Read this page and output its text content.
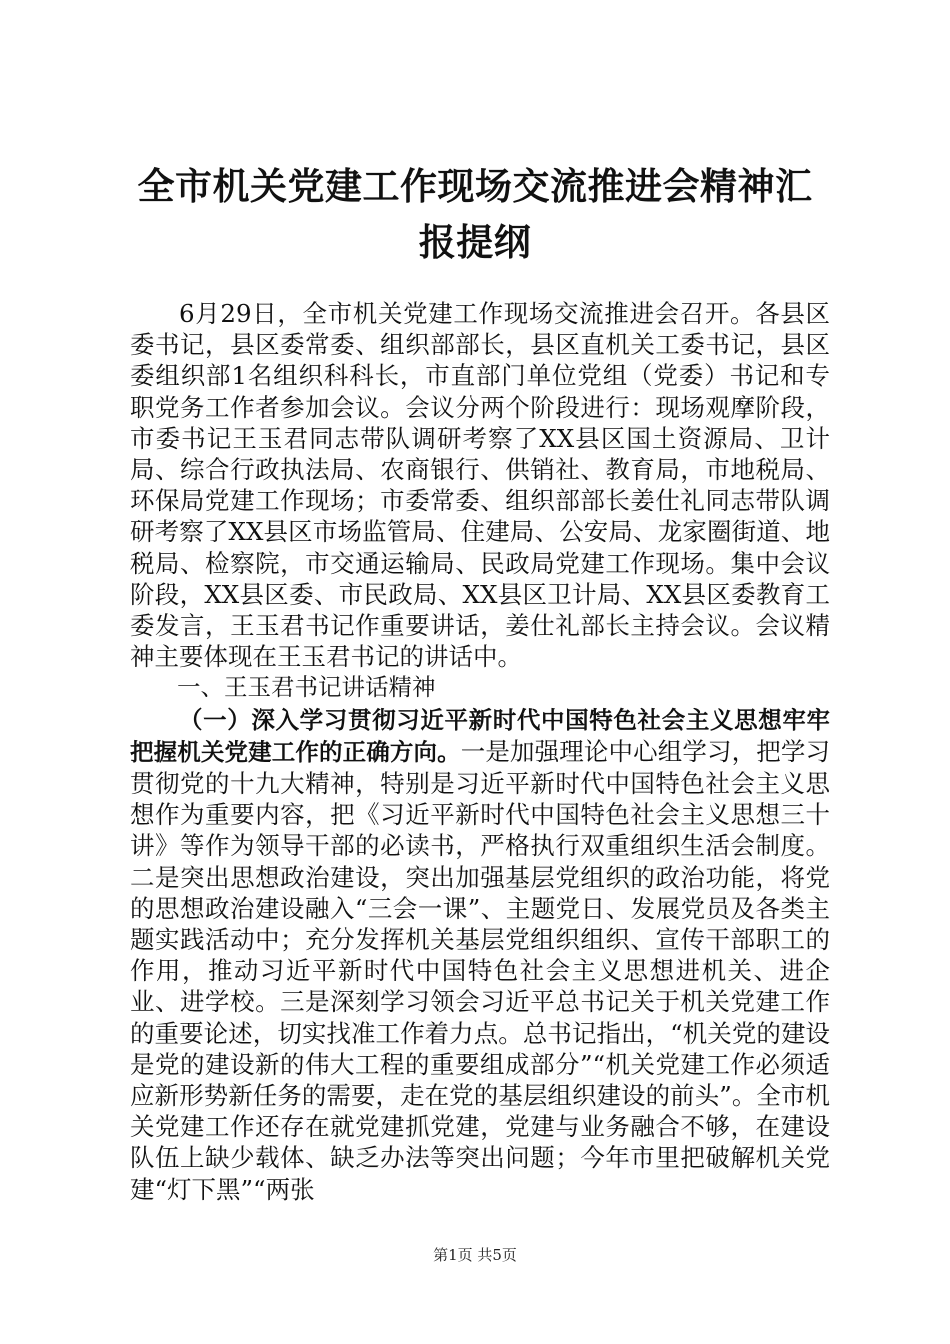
全市机关党建工作现场交流推进会精神汇报提纲

6月29日，全市机关党建工作现场交流推进会召开。各县区委书记，县区委常委、组织部部长，县区直机关工委书记，县区委组织部1名组织科科长，市直部门单位党组（党委）书记和专职党务工作者参加会议。会议分两个阶段进行：现场观摩阶段，市委书记王玉君同志带队调研考察了XX县区国土资源局、卫计局、综合行政执法局、农商银行、供销社、教育局，市地税局、环保局党建工作现场；市委常委、组织部部长姜仕礼同志带队调研考察了XX县区市场监管局、住建局、公安局、龙家圈街道、地税局、检察院，市交通运输局、民政局党建工作现场。集中会议阶段，XX县区委、市民政局、XX县区卫计局、XX县区委教育工委发言，王玉君书记作重要讲话，姜仕礼部长主持会议。会议精神主要体现在王玉君书记的讲话中。

一、王玉君书记讲话精神

（一）深入学习贯彻习近平新时代中国特色社会主义思想牢牢把握机关党建工作的正确方向。一是加强理论中心组学习，把学习贯彻党的十九大精神，特别是习近平新时代中国特色社会主义思想作为重要内容，把《习近平新时代中国特色社会主义思想三十讲》等作为领导干部的必读书，严格执行双重组织生活会制度。二是突出思想政治建设，突出加强基层党组织的政治功能，将党的思想政治建设融入“三会一课”、主题党日、发展党员及各类主题实践活动中；充分发挥机关基层党组织组织、宣传干部职工的作用，推动习近平新时代中国特色社会主义思想进机关、进企业、进学校。三是深刻学习领会习近平总书记关于机关党建工作的重要论述，切实找准工作着力点。总书记指出，“机关党的建设是党的建设新的伟大工程的重要组成部分”“机关党建工作必须适应新形势新任务的需要，走在党的基层组织建设的前头”。全市机关党建工作还存在就党建抓党建，党建与业务融合不够，在建设队伍上缺少载体、缺乏办法等突出问题；今年市里把破解机关党建“灯下黑”“两张

第1页 共5页
